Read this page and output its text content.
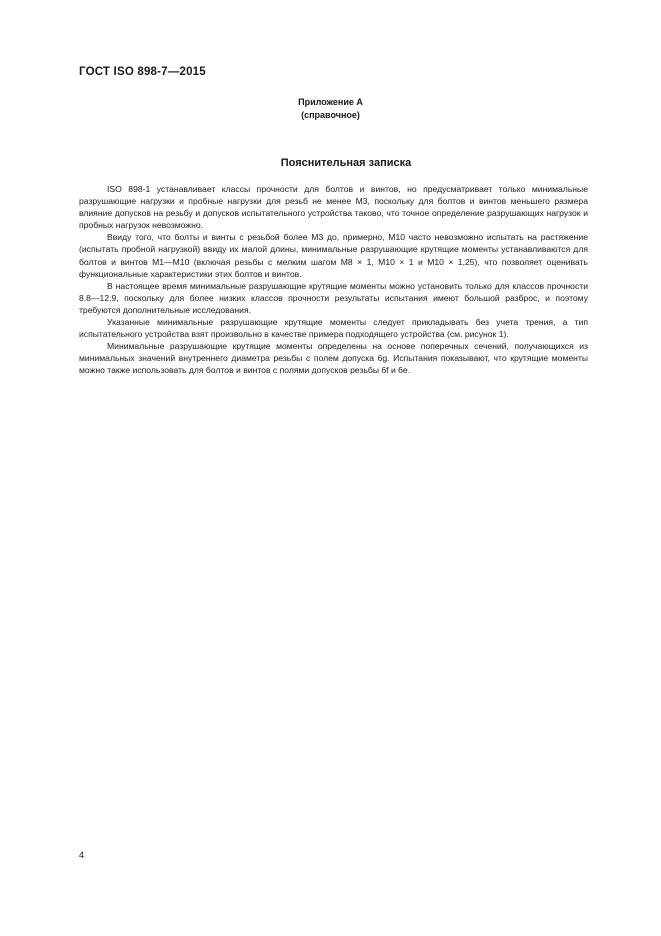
ГОСТ ISO 898-7—2015
Приложение А
(справочное)
Пояснительная записка

ISO 898-1 устанавливает классы прочности для болтов и винтов, но предусматривает только минимальные разрушающие нагрузки и пробные нагрузки для резьб не менее М3, поскольку для болтов и винтов меньшего размера влияние допусков на резьбу и допусков испытательного устройства таково, что точное определение разрушающих нагрузок и пробных нагрузок невозможно.

Ввиду того, что болты и винты с резьбой более М3 до, примерно, М10 часто невозможно испытать на растяжение (испытать пробной нагрузкой) ввиду их малой длины, минимальные разрушающие крутящие моменты устанавливаются для болтов и винтов М1—М10 (включая резьбы с мелким шагом М8 × 1, М10 × 1 и М10 × 1,25), что позволяет оценивать функциональные характеристики этих болтов и винтов.

В настоящее время минимальные разрушающие крутящие моменты можно установить только для классов прочности 8.8—12.9, поскольку для более низких классов прочности результаты испытания имеют большой разброс, и поэтому требуются дополнительные исследования.

Указанные минимальные разрушающие крутящие моменты следует прикладывать без учета трения, а тип испытательного устройства взят произвольно в качестве примера подходящего устройства (см. рисунок 1).

Минимальные разрушающие крутящие моменты определены на основе поперечных сечений, получающихся из минимальных значений внутреннего диаметра резьбы с полем допуска 6g. Испытания показывают, что крутящие моменты можно также использовать для болтов и винтов с полями допусков резьбы 6f и 6e.

4
